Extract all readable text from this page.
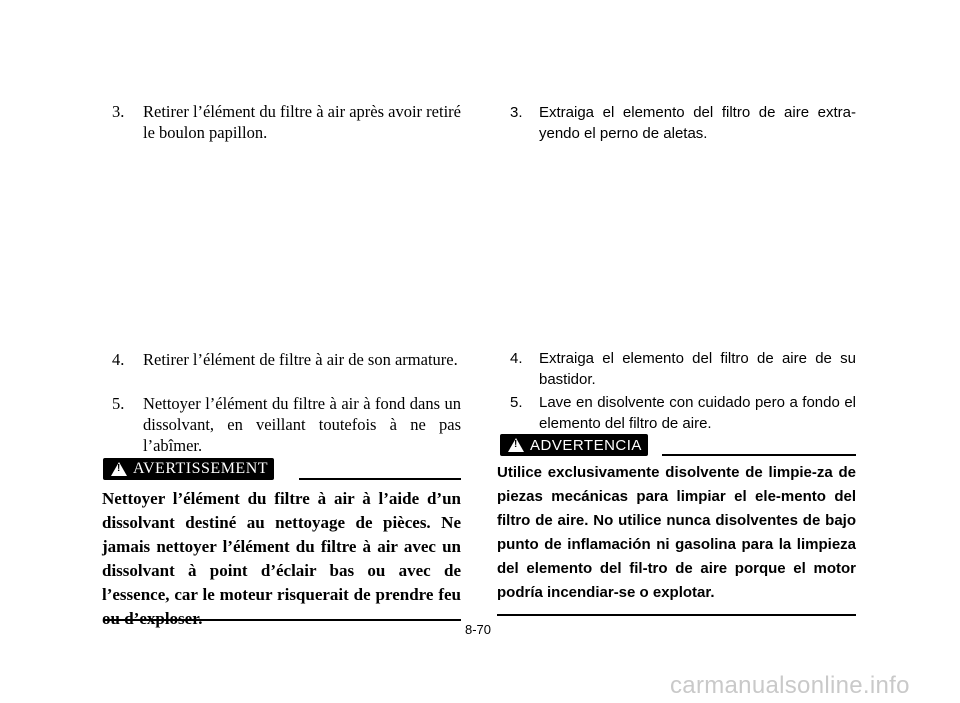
3. Retirer l’élément du filtre à air après avoir retiré le boulon papillon.
4. Retirer l’élément de filtre à air de son armature.
5. Nettoyer l’élément du filtre à air à fond dans un dissolvant, en veillant toutefois à ne pas l’abîmer.
!
AVERTISSEMENT
Nettoyer l’élément du filtre à air à l’aide d’un dissolvant destiné au nettoyage de pièces. Ne jamais nettoyer l’élément du filtre à air avec un dissolvant à point d’éclair bas ou avec de l’essence, car le moteur risquerait de prendre feu
3. Extraiga el elemento del filtro de aire extra-yendo el perno de aletas.
4. Extraiga el elemento del filtro de aire de su bastidor.
5. Lave en disolvente con cuidado pero a fondo el elemento del filtro de aire.
!
ADVERTENCIA
Utilice exclusivamente disolvente de limpie-za de piezas mecánicas para limpiar el ele-mento del filtro de aire. No utilice nunca disolventes de bajo punto de inflamación ni gasolina para la limpieza del elemento del fil-tro de aire porque el motor podría incendiar-se o explotar.
8-70
carmanualsonline.info
